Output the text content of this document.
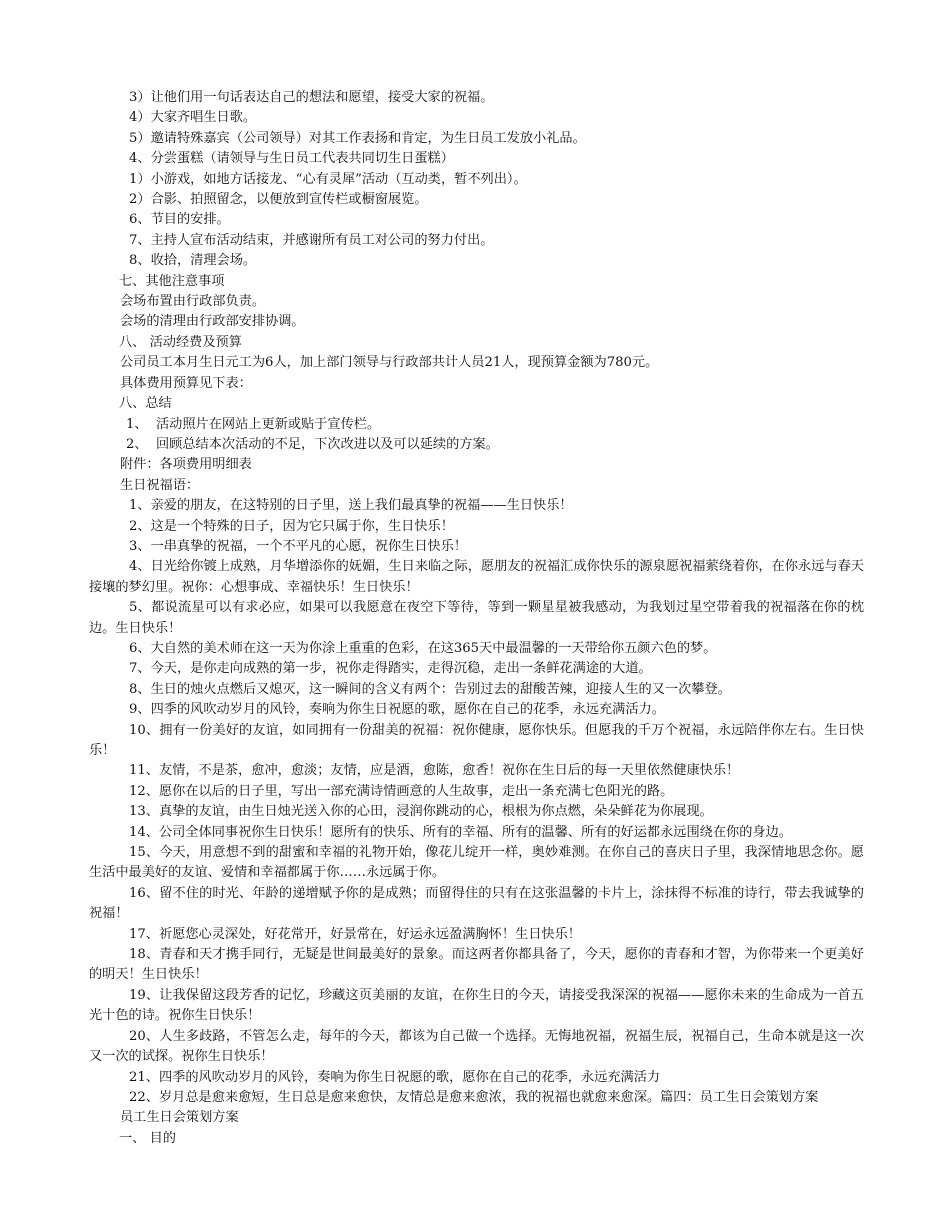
3）让他们用一句话表达自己的想法和愿望，接受大家的祝福。
4）大家齐唱生日歌。
5）邀请特殊嘉宾（公司领导）对其工作表扬和肯定，为生日员工发放小礼品。
4、分尝蛋糕（请领导与生日员工代表共同切生日蛋糕）
1）小游戏，如地方话接龙、“心有灵犀”活动（互动类，暂不列出）。
2）合影、拍照留念，以便放到宣传栏或橱窗展览。
6、节目的安排。
7、主持人宣布活动结束，并感谢所有员工对公司的努力付出。
8、收拾，清理会场。
七、其他注意事项
会场布置由行政部负责。
会场的清理由行政部安排协调。
八、 活动经费及预算
公司员工本月生日元工为6人，加上部门领导与行政部共计人员21人，现预算金额为780元。
具体费用预算见下表：
八、总结
1、  活动照片在网站上更新或贴于宣传栏。
2、  回顾总结本次活动的不足，下次改进以及可以延续的方案。
附件：各项费用明细表
生日祝福语：
1、亲爱的朋友，在这特别的日子里，送上我们最真挚的祝福——生日快乐！
2、这是一个特殊的日子，因为它只属于你，生日快乐！
3、一串真挚的祝福，一个不平凡的心愿，祝你生日快乐！
4、日光给你镀上成熟，月华增添你的妩媚，生日来临之际，愿朋友的祝福汇成你快乐的源泉愿祝福萦绕着你，在你永远与春天接壤的梦幻里。祝你：心想事成、幸福快乐！生日快乐！
5、都说流星可以有求必应，如果可以我愿意在夜空下等待，等到一颗星星被我感动，为我划过星空带着我的祝福落在你的枕边。生日快乐！
6、大自然的美术师在这一天为你涂上重重的色彩，在这365天中最温馨的一天带给你五颜六色的梦。
7、今天，是你走向成熟的第一步，祝你走得踏实，走得沉稳，走出一条鲜花满途的大道。
8、生日的烛火点燃后又熄灭，这一瞬间的含义有两个：告别过去的甜酸苦辣，迎接人生的又一次攀登。
9、四季的风吹动岁月的风铃，奏响为你生日祝愿的歌，愿你在自己的花季，永远充满活力。
10、拥有一份美好的友谊，如同拥有一份甜美的祝福：祝你健康，愿你快乐。但愿我的千万个祝福，永远陪伴你左右。生日快乐！
11、友情，不是茶，愈冲，愈淡；友情，应是酒，愈陈，愈香！祝你在生日后的每一天里依然健康快乐！
12、愿你在以后的日子里，写出一部充满诗情画意的人生故事，走出一条充满七色阳光的路。
13、真挚的友谊，由生日烛光送入你的心田，浸润你跳动的心，根根为你点燃，朵朵鲜花为你展现。
14、公司全体同事祝你生日快乐！愿所有的快乐、所有的幸福、所有的温馨、所有的好运都永远围绕在你的身边。
15、今天，用意想不到的甜蜜和幸福的礼物开始，像花儿绽开一样，奥妙难测。在你自己的喜庆日子里，我深情地思念你。愿生活中最美好的友谊、爱情和幸福都属于你……永远属于你。
16、留不住的时光、年龄的递增赋予你的是成熟；而留得住的只有在这张温馨的卡片上，涂抹得不标准的诗行，带去我诚挚的祝福！
17、祈愿您心灵深处，好花常开，好景常在，好运永远盈满胸怀！生日快乐！
18、青春和天才携手同行，无疑是世间最美好的景象。而这两者你都具备了，今天，愿你的青春和才智，为你带来一个更美好的明天！生日快乐！
19、让我保留这段芳香的记忆，珍藏这页美丽的友谊，在你生日的今天，请接受我深深的祝福——愿你未来的生命成为一首五光十色的诗。祝你生日快乐！
20、人生多歧路，不管怎么走，每年的今天，都该为自己做一个选择。无悔地祝福，祝福生辰，祝福自己，生命本就是这一次又一次的试探。祝你生日快乐！
21、四季的风吹动岁月的风铃，奏响为你生日祝愿的歌，愿你在自己的花季，永远充满活力
22、岁月总是愈来愈短，生日总是愈来愈快，友情总是愈来愈浓，我的祝福也就愈来愈深。篇四：员工生日会策划方案
员工生日会策划方案
一、 目的
